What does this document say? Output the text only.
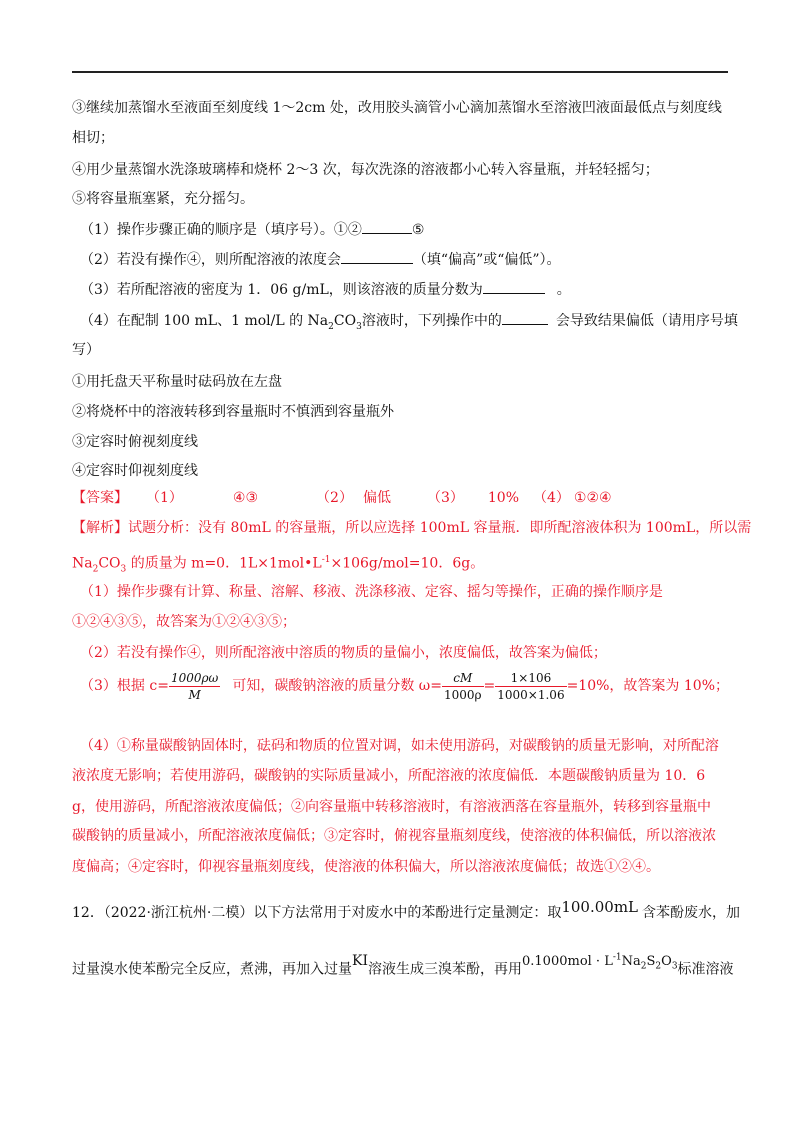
③继续加蒸馏水至液面至刻度线 1～2cm 处，改用胶头滴管小心滴加蒸馏水至溶液凹液面最低点与刻度线
相切；
④用少量蒸馏水洗涤玻璃棒和烧杯 2～3 次，每次洗涤的溶液都小心转入容量瓶，并轻轻摇匀；
⑤将容量瓶塞紧，充分摇匀。
（1）操作步骤正确的顺序是（填序号）。①②	⑤
（2）若没有操作④，则所配溶液的浓度会	（填“偏高”或“偏低”）。
（3）若所配溶液的密度为 1．06 g/mL，则该溶液的质量分数为	。
（4）在配制 100 mL、1 mol/L 的 $Na_2CO_3$溶液时，下列操作中的	会导致结果偏低（请用序号填
写）
①用托盘天平称量时砝码放在左盘
②将烧杯中的溶液转移到容量瓶时不慎洒到容量瓶外
③定容时俯视刻度线
④定容时仰视刻度线
【答案】 （1）	④③	（2） 偏低	（3） 10% （4） ①②④
【解析】试题分析：没有 80mL 的容量瓶，所以应选择 100mL 容量瓶．即所配溶液体积为 100mL，所以需
$Na_2CO_3$ 的质量为 m=0．$1L\times 1mol•L^{-1}\times 106g/mol=10$．6g。
（1）操作步骤有计算、称量、溶解、移液、洗涤移液、定容、摇匀等操作，正确的操作顺序是
①②④③⑤，故答案为①②④③⑤；
（2）若没有操作④，则所配溶液中溶质的物质的量偏小，浓度偏低，故答案为偏低；
（3）根据 $c= \frac{1000\rho\omega}{M}$ 可知，碳酸钠溶液的质量分数 $\omega= \frac{cM}{1000\rho} = \frac{1\times 106}{1000\times 1.06} =10\%$，故答案为 10%；
（4）①称量碳酸钠固体时，砝码和物质的位置对调，如未使用游码，对碳酸钠的质量无影响，对所配溶
液浓度无影响；若使用游码，碳酸钠的实际质量减小，所配溶液的浓度偏低．本题碳酸钠质量为 10．6
g，使用游码，所配溶液浓度偏低；②向容量瓶中转移溶液时，有溶液洒落在容量瓶外，转移到容量瓶中
碳酸钠的质量减小，所配溶液浓度偏低；③定容时，俯视容量瓶刻度线，使溶液的体积偏低，所以溶液浓
度偏高；④定容时，仰视容量瓶刻度线，使溶液的体积偏大，所以溶液浓度偏低；故选①②④。
12．（2022·浙江杭州·二模）以下方法常用于对废水中的苯酚进行定量测定：取100.00mL 含苯酚废水，加
过量溴水使苯酚完全反应，煮沸，再加入过量KI溶液生成三溴苯酚，再用$0.1000mol \cdot L^{-1}Na_2S_2O_3$标准溶液
